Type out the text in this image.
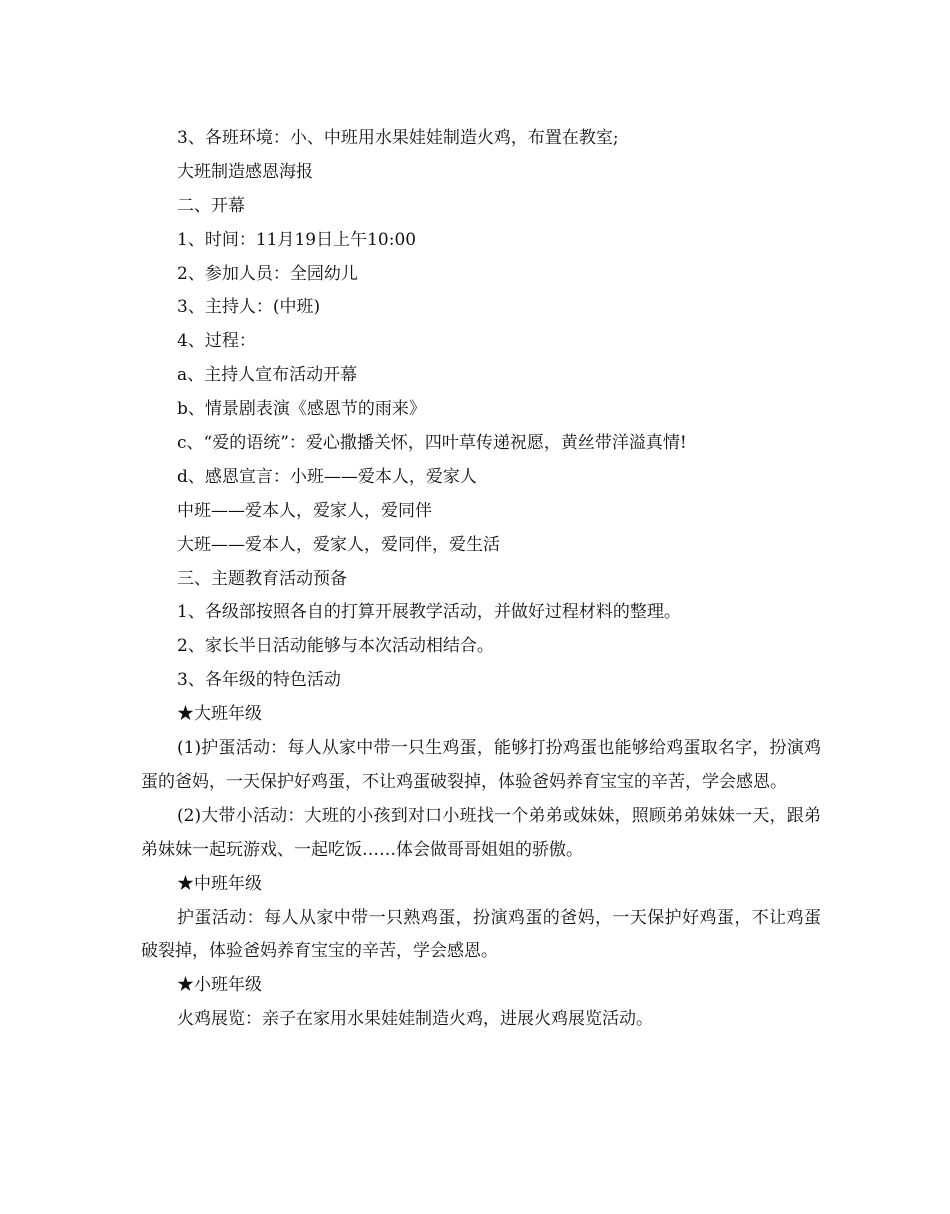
3、各班环境：小、中班用水果娃娃制造火鸡，布置在教室;
大班制造感恩海报
二、开幕
1、时间：11月19日上午10:00
2、参加人员：全园幼儿
3、主持人：(中班)
4、过程：
a、主持人宣布活动开幕
b、情景剧表演《感恩节的雨来》
c、“爱的语统”：爱心撒播关怀，四叶草传递祝愿，黄丝带洋溢真情!
d、感恩宣言：小班——爱本人，爱家人
中班——爱本人，爱家人，爱同伴
大班——爱本人，爱家人，爱同伴，爱生活
三、主题教育活动预备
1、各级部按照各自的打算开展教学活动，并做好过程材料的整理。
2、家长半日活动能够与本次活动相结合。
3、各年级的特色活动
★大班年级

(1)护蛋活动：每人从家中带一只生鸡蛋，能够打扮鸡蛋也能够给鸡蛋取名字，扮演鸡蛋的爸妈，一天保护好鸡蛋，不让鸡蛋破裂掉，体验爸妈养育宝宝的辛苦，学会感恩。

(2)大带小活动：大班的小孩到对口小班找一个弟弟或妹妹，照顾弟弟妹妹一天，跟弟弟妹妹一起玩游戏、一起吃饭……体会做哥哥姐姐的骄傲。

★中班年级

护蛋活动：每人从家中带一只熟鸡蛋，扮演鸡蛋的爸妈，一天保护好鸡蛋，不让鸡蛋破裂掉，体验爸妈养育宝宝的辛苦，学会感恩。

★小班年级

火鸡展览：亲子在家用水果娃娃制造火鸡，进展火鸡展览活动。
